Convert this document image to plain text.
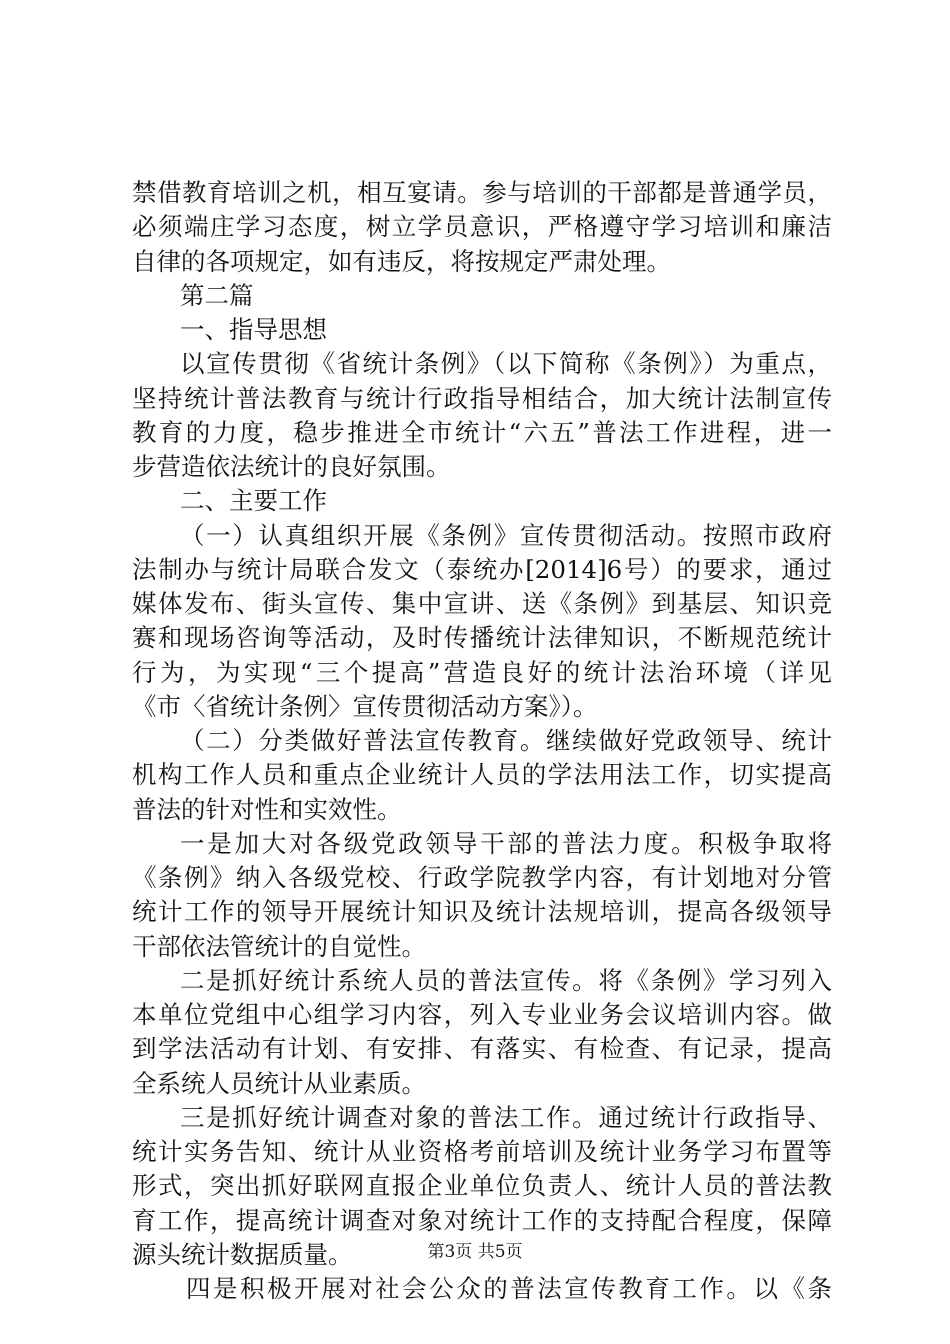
禁借教育培训之机，相互宴请。参与培训的干部都是普通学员，
必须端庄学习态度，树立学员意识，严格遵守学习培训和廉洁
自律的各项规定，如有违反，将按规定严肃处理。
第二篇
一、指导思想
以宣传贯彻《省统计条例》（以下简称《条例》）为重点，
坚持统计普法教育与统计行政指导相结合，加大统计法制宣传
教育的力度，稳步推进全市统计“六五”普法工作进程，进一
步营造依法统计的良好氛围。
二、主要工作
（一）认真组织开展《条例》宣传贯彻活动。按照市政府
法制办与统计局联合发文（泰统办[2014]6号）的要求，通过
媒体发布、街头宣传、集中宣讲、送《条例》到基层、知识竞
赛和现场咨询等活动，及时传播统计法律知识，不断规范统计
行为，为实现“三个提高”营造良好的统计法治环境（详见
《市〈省统计条例〉宣传贯彻活动方案》）。
（二）分类做好普法宣传教育。继续做好党政领导、统计
机构工作人员和重点企业统计人员的学法用法工作，切实提高
普法的针对性和实效性。
一是加大对各级党政领导干部的普法力度。积极争取将
《条例》纳入各级党校、行政学院教学内容，有计划地对分管
统计工作的领导开展统计知识及统计法规培训，提高各级领导
干部依法管统计的自觉性。
二是抓好统计系统人员的普法宣传。将《条例》学习列入
本单位党组中心组学习内容，列入专业业务会议培训内容。做
到学法活动有计划、有安排、有落实、有检查、有记录，提高
全系统人员统计从业素质。
三是抓好统计调查对象的普法工作。通过统计行政指导、
统计实务告知、统计从业资格考前培训及统计业务学习布置等
形式，突出抓好联网直报企业单位负责人、统计人员的普法教
育工作，提高统计调查对象对统计工作的支持配合程度，保障
源头统计数据质量。
四是积极开展对社会公众的普法宣传教育工作。以《条
第3页 共5页
